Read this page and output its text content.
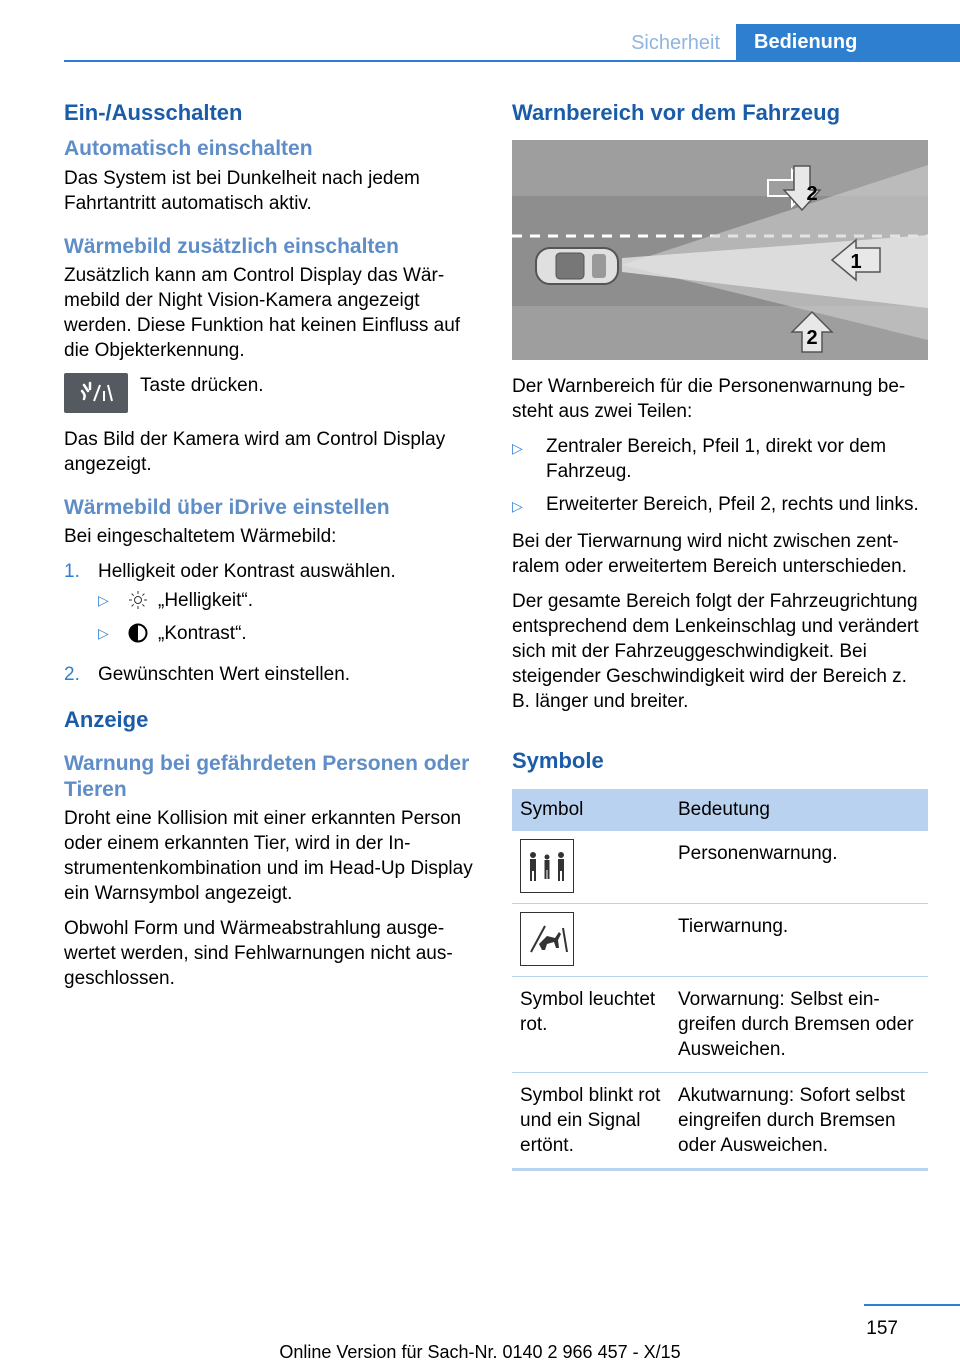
Sicherheit	Bedienung
Ein-/Ausschalten
Automatisch einschalten

Das System ist bei Dunkelheit nach jedem Fahrtantritt automatisch aktiv.

Wärmebild zusätzlich einschalten

Zusätzlich kann am Control Display das Wärmebild der Night Vision-Kamera angezeigt werden. Diese Funktion hat keinen Einfluss auf die Objekterkennung.

Taste drücken.

Das Bild der Kamera wird am Control Display angezeigt.

Wärmebild über iDrive einstellen

Bei eingeschaltetem Wärmebild:

1. Helligkeit oder Kontrast auswählen.
▷	„Helligkeit“.
▷	„Kontrast“.
2. Gewünschten Wert einstellen.
Anzeige
Warnung bei gefährdeten Personen oder Tieren

Droht eine Kollision mit einer erkannten Person oder einem erkannten Tier, wird in der Instrumentenkombination und im Head-Up Display ein Warnsymbol angezeigt.

Obwohl Form und Wärmeabstrahlung ausgewertet werden, sind Fehlwarnungen nicht ausgeschlossen.

Warnbereich vor dem Fahrzeug
2
1
2

Der Warnbereich für die Personenwarnung besteht aus zwei Teilen:

▷	Zentraler Bereich, Pfeil 1, direkt vor dem Fahrzeug.
▷	Erweiterter Bereich, Pfeil 2, rechts und links.

Bei der Tierwarnung wird nicht zwischen zentralem oder erweitertem Bereich unterschieden.

Der gesamte Bereich folgt der Fahrzeugrichtung entsprechend dem Lenkeinschlag und verändert sich mit der Fahrzeuggeschwindigkeit. Bei steigender Geschwindigkeit wird der Bereich z. B. länger und breiter.

Symbole
Symbol	Bedeutung

	Personenwarnung.

	Tierwarnung.
Symbol leuchtet rot.	Vorwarnung: Selbst eingreifen durch Bremsen oder Ausweichen.
Symbol blinkt rot und ein Signal ertönt.	Akutwarnung: Sofort selbst eingreifen durch Bremsen oder Ausweichen.
157
Online Version für Sach-Nr. 0140 2 966 457 - X/15
